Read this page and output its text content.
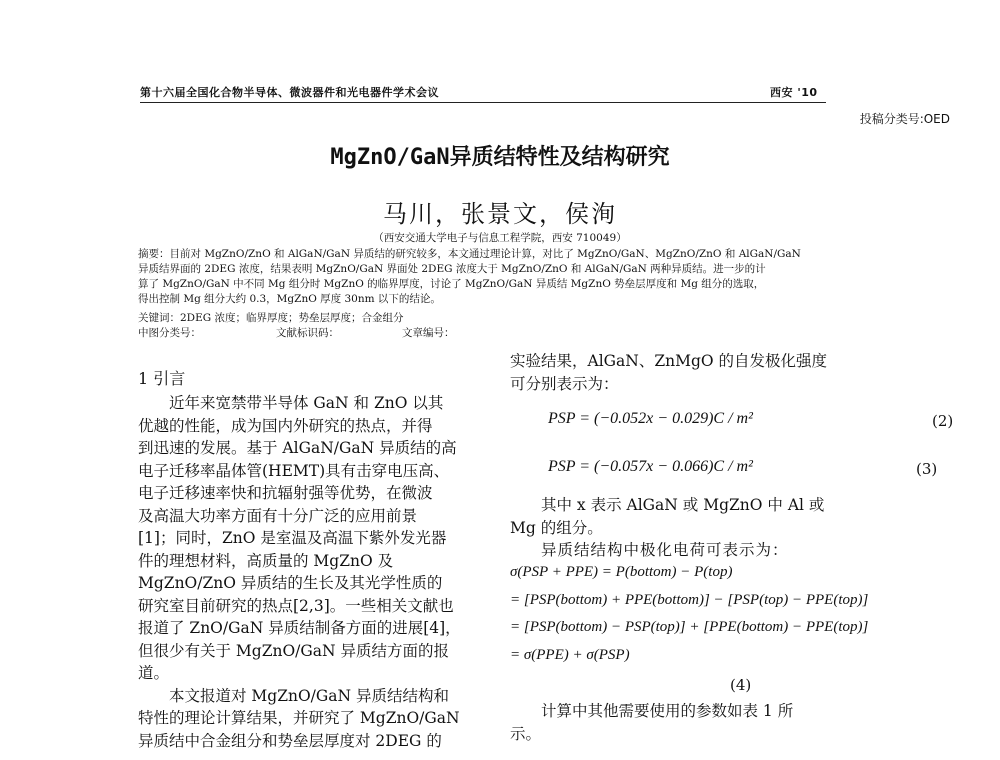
第十六届全国化合物半导体、微波器件和光电器件学术会议	西安 '10
投稿分类号:OED
MgZnO/GaN异质结特性及结构研究
马川，张景文，侯洵
（西安交通大学电子与信息工程学院，西安 710049）
摘要：目前对 MgZnO/ZnO 和 AlGaN/GaN 异质结的研究较多，本文通过理论计算，对比了 MgZnO/GaN、MgZnO/ZnO 和 AlGaN/GaN
异质结界面的 2DEG 浓度，结果表明 MgZnO/GaN 界面处 2DEG 浓度大于 MgZnO/ZnO 和 AlGaN/GaN 两种异质结。进一步的计
算了 MgZnO/GaN 中不同 Mg 组分时 MgZnO 的临界厚度，讨论了 MgZnO/GaN 异质结 MgZnO 势垒层厚度和 Mg 组分的选取，
得出控制 Mg 组分大约 0.3，MgZnO 厚度 30nm 以下的结论。
关键词：2DEG 浓度；临界厚度；势垒层厚度；合金组分
中图分类号：	文献标识码：	文章编号：
1 引言
近年来宽禁带半导体 GaN 和 ZnO 以其
优越的性能，成为国内外研究的热点，并得
到迅速的发展。基于 AlGaN/GaN 异质结的高
电子迁移率晶体管(HEMT)具有击穿电压高、
电子迁移速率快和抗辐射强等优势，在微波
及高温大功率方面有十分广泛的应用前景
[1]；同时，ZnO 是室温及高温下紫外发光器
件的理想材料，高质量的 MgZnO 及
MgZnO/ZnO 异质结的生长及其光学性质的
研究室目前研究的热点[2,3]。一些相关文献也
报道了 ZnO/GaN 异质结制备方面的进展[4]，
但很少有关于 MgZnO/GaN 异质结方面的报
道。
本文报道对 MgZnO/GaN 异质结结构和
特性的理论计算结果，并研究了 MgZnO/GaN
异质结中合金组分和势垒层厚度对 2DEG 的
实验结果，AlGaN、ZnMgO 的自发极化强度
可分别表示为：
PSP = (−0.052x − 0.029)C / m²	(2)
PSP = (−0.057x − 0.066)C / m²	(3)
其中 x 表示 AlGaN 或 MgZnO 中 Al 或
Mg 的组分。
异质结结构中极化电荷可表示为：
σ(PSP + PPE) = P(bottom) − P(top)
= [PSP(bottom) + PPE(bottom)] − [PSP(top) − PPE(top)]
= [PSP(bottom) − PSP(top)] + [PPE(bottom) − PPE(top)]
= σ(PPE) + σ(PSP)
(4)
计算中其他需要使用的参数如表 1 所
示。
